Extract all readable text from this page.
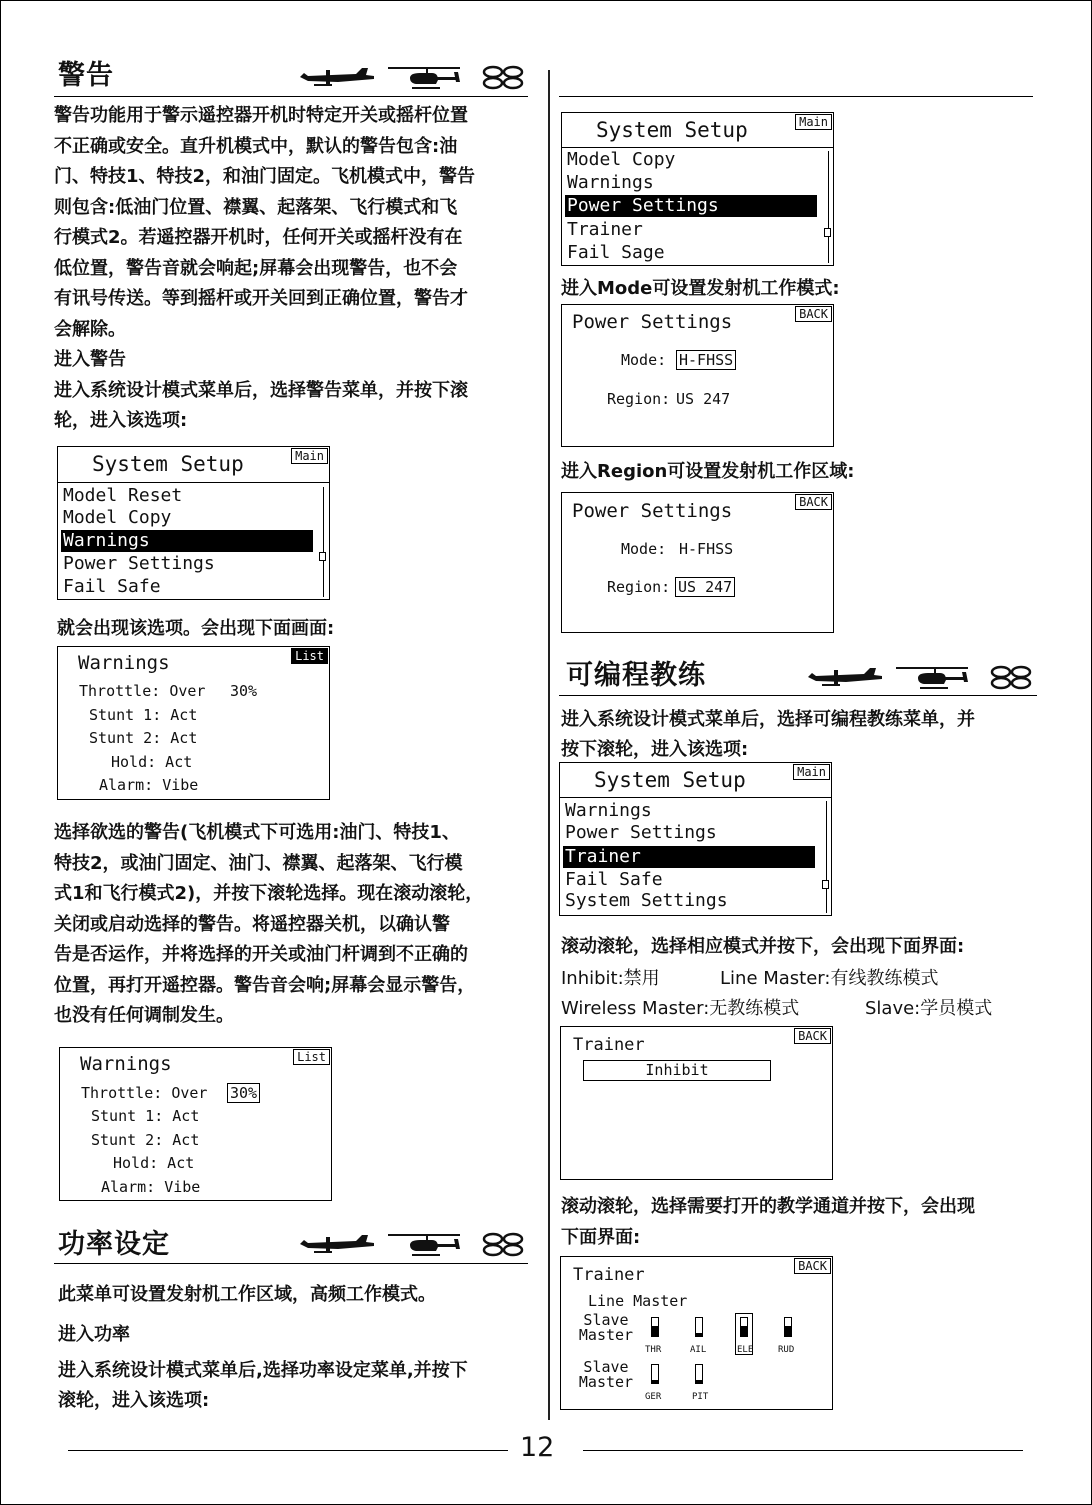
警告
警告功能用于警示遥控器开机时特定开关或摇杆位置
不正确或安全。直升机模式中，默认的警告包含:油
门、特技1、特技2，和油门固定。飞机模式中，警告
则包含:低油门位置、襟翼、起落架、飞行模式和飞
行模式2。若遥控器开机时，任何开关或摇杆没有在
低位置，警告音就会响起;屏幕会出现警告，也不会
有讯号传送。等到摇杆或开关回到正确位置，警告才
会解除。
进入警告
进入系统设计模式菜单后，选择警告菜单，并按下滚
轮，进入该选项:
System Setup	Main
Model Reset
Model Copy
Warnings
Power Settings
Fail Safe
就会出现该选项。会出现下面画面:
Warnings	List
Throttle: Over 30%
Stunt 1: Act
Stunt 2: Act
Hold: Act
Alarm: Vibe
选择欲选的警告(飞机模式下可选用:油门、特技1、
特技2，或油门固定、油门、襟翼、起落架、飞行模
式1和飞行模式2)，并按下滚轮选择。现在滚动滚轮，
关闭或启动选择的警告。将遥控器关机，以确认警
告是否运作，并将选择的开关或油门杆调到不正确的
位置，再打开遥控器。警告音会响;屏幕会显示警告，
也没有任何调制发生。
Warnings	List
Throttle: Over 30%
Stunt 1: Act
Stunt 2: Act
Hold: Act
Alarm: Vibe
功率设定
此菜单可设置发射机工作区域，高频工作模式。
进入功率
进入系统设计模式菜单后,选择功率设定菜单,并按下
滚轮，进入该选项:
System Setup	Main
Model Copy
Warnings
Power Settings
Trainer
Fail Sage
进入Mode可设置发射机工作模式:
Power Settings	BACK
Mode: H-FHSS
Region: US 247
进入Region可设置发射机工作区域:
Power Settings	BACK
Mode: H-FHSS
Region: US 247
可编程教练
进入系统设计模式菜单后，选择可编程教练菜单，并
按下滚轮，进入该选项:
System Setup	Main
Warnings
Power Settings
Trainer
Fail Safe
System Settings
滚动滚轮，选择相应模式并按下，会出现下面界面:
Inhibit:禁用	Line Master:有线教练模式
Wireless Master:无教练模式	Slave:学员模式
Trainer	BACK
Inhibit
滚动滚轮，选择需要打开的教学通道并按下，会出现
下面界面:
Trainer	BACK
Line Master
Slave Master
THR	AIL	ELE	RUD
Slave Master
GER	PIT
12
